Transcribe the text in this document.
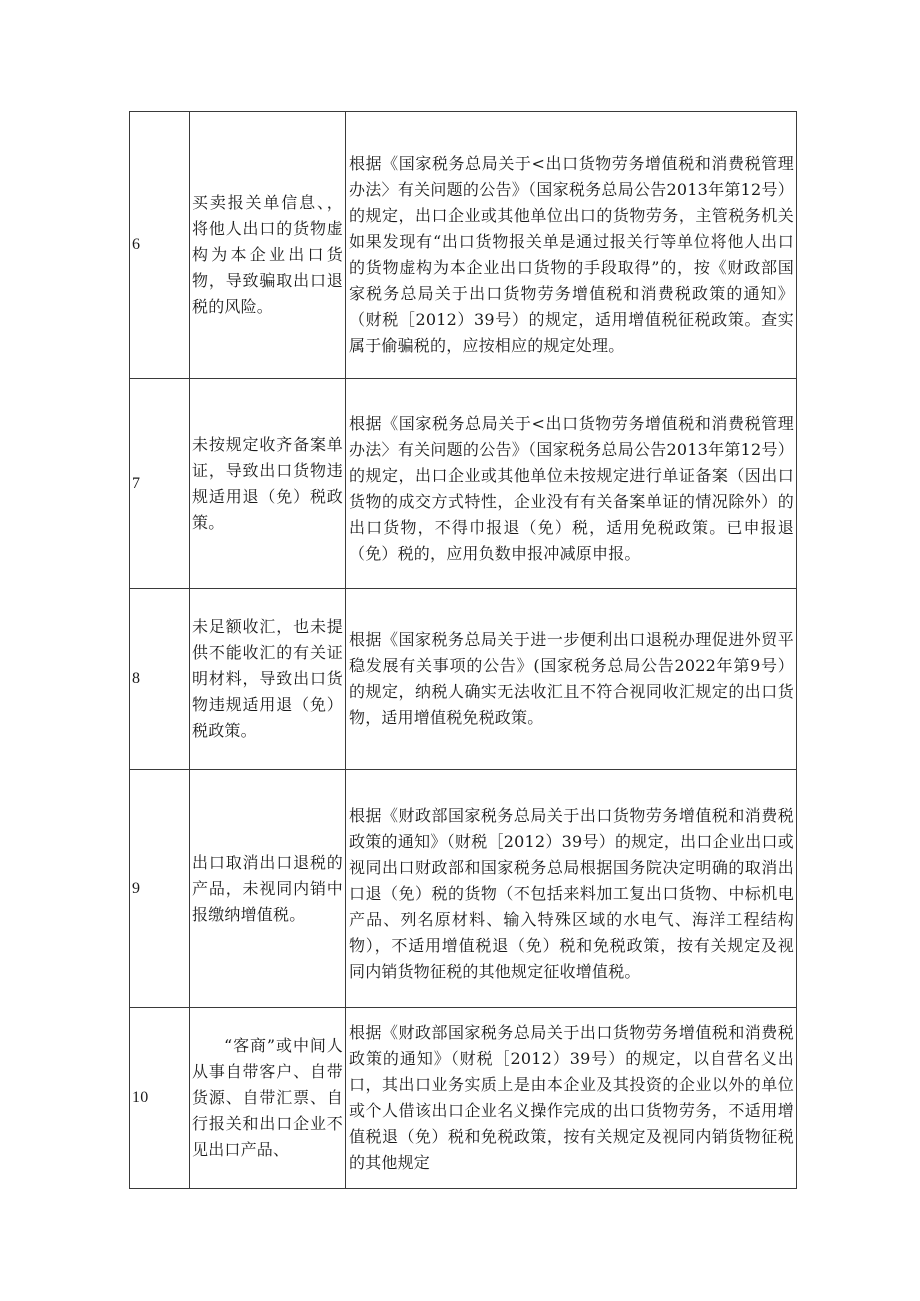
6	买卖报关单信息、，将他人出口的货物虚构为本企业出口货物，导致骗取出口退税的风险。	根据《国家税务总局关于<出口货物劳务增值税和消费税管理办法〉有关问题的公告》（国家税务总局公告2013年第12号）的规定，出口企业或其他单位出口的货物劳务，主管税务机关如果发现有“出口货物报关单是通过报关行等单位将他人出口的货物虚构为本企业出口货物的手段取得”的，按《财政部国家税务总局关于出口货物劳务增值税和消费税政策的通知》（财税［2012）39号）的规定，适用增值税征税政策。查实属于偷骗税的，应按相应的规定处理。

7	未按规定收齐备案单证，导致出口货物违规适用退（免）税政策。	根据《国家税务总局关于<出口货物劳务增值税和消费税管理办法〉有关问题的公告》（国家税务总局公告2013年第12号）的规定，出口企业或其他单位未按规定进行单证备案（因出口货物的成交方式特性，企业没有有关备案单证的情况除外）的出口货物，不得巾报退（免）税，适用免税政策。已申报退（免）税的，应用负数申报冲减原申报。

8	未足额收汇，也未提供不能收汇的有关证明材料，导致出口货物违规适用退（免）税政策。	根据《国家税务总局关于进一步便利出口退税办理促进外贸平稳发展有关事项的公告》(国家税务总局公告2022年第9号）的规定，纳税人确实无法收汇且不符合视同收汇规定的出口货物，适用增值税免税政策。

9	出口取消出口退税的产品，未视同内销中报缴纳增值税。	根据《财政部国家税务总局关于出口货物劳务增值税和消费税政策的通知》（财税［2012）39号）的规定，出口企业出口或视同出口财政部和国家税务总局根据国务院决定明确的取消出口退（免）税的货物（不包括来料加工复出口货物、中标机电产品、列名原材料、输入特殊区域的水电气、海洋工程结构物），不适用增值税退（免）税和免税政策，按有关规定及视同内销货物征税的其他规定征收增值税。

10	“客商”或中间人从事自带客户、自带货源、自带汇票、自行报关和出口企业不见出口产品、	根据《财政部国家税务总局关于出口货物劳务增值税和消费税政策的通知》（财税［2012）39号）的规定，以自营名义出口，其出口业务实质上是由本企业及其投资的企业以外的单位或个人借该出口企业名义操作完成的出口货物劳务，不适用增值税退（免）税和免税政策，按有关规定及视同内销货物征税的其他规定
